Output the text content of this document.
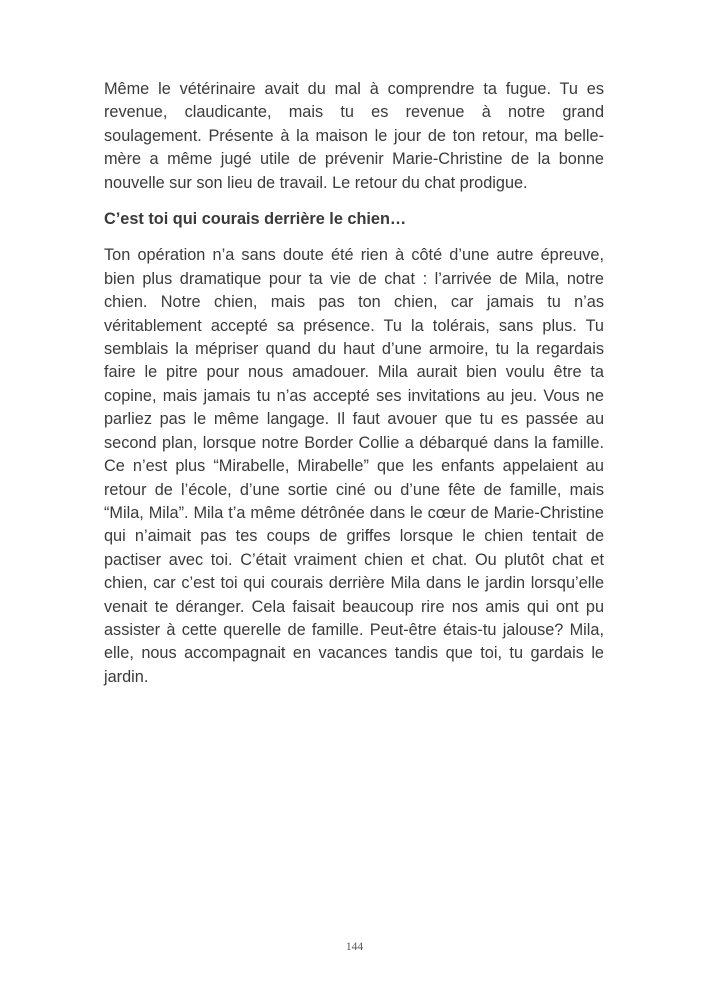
Même le vétérinaire avait du mal à comprendre ta fugue. Tu es revenue, claudicante, mais tu es revenue à notre grand soulagement. Présente à la maison le jour de ton retour, ma belle-mère a même jugé utile de prévenir Marie-Christine de la bonne nouvelle sur son lieu de travail. Le retour du chat prodigue.

C’est toi qui courais derrière le chien…

Ton opération n’a sans doute été rien à côté d’une autre épreuve, bien plus dramatique pour ta vie de chat : l’arrivée de Mila, notre chien. Notre chien, mais pas ton chien, car jamais tu n’as véritablement accepté sa présence. Tu la tolérais, sans plus. Tu semblais la mépriser quand du haut d’une armoire, tu la regardais faire le pitre pour nous amadouer. Mila aurait bien voulu être ta copine, mais jamais tu n’as accepté ses invitations au jeu. Vous ne parliez pas le même langage. Il faut avouer que tu es passée au second plan, lorsque notre Border Collie a débarqué dans la famille. Ce n’est plus “Mirabelle, Mirabelle” que les enfants appelaient au retour de l’école, d’une sortie ciné ou d’une fête de famille, mais “Mila, Mila”. Mila t’a même détrônée dans le cœur de Marie-Christine qui n’aimait pas tes coups de griffes lorsque le chien tentait de pactiser avec toi. C’était vraiment chien et chat. Ou plutôt chat et chien, car c’est toi qui courais derrière Mila dans le jardin lorsqu’elle venait te déranger. Cela faisait beaucoup rire nos amis qui ont pu assister à cette querelle de famille. Peut-être étais-tu jalouse? Mila, elle, nous accompagnait en vacances tandis que toi, tu gardais le jardin.

144
